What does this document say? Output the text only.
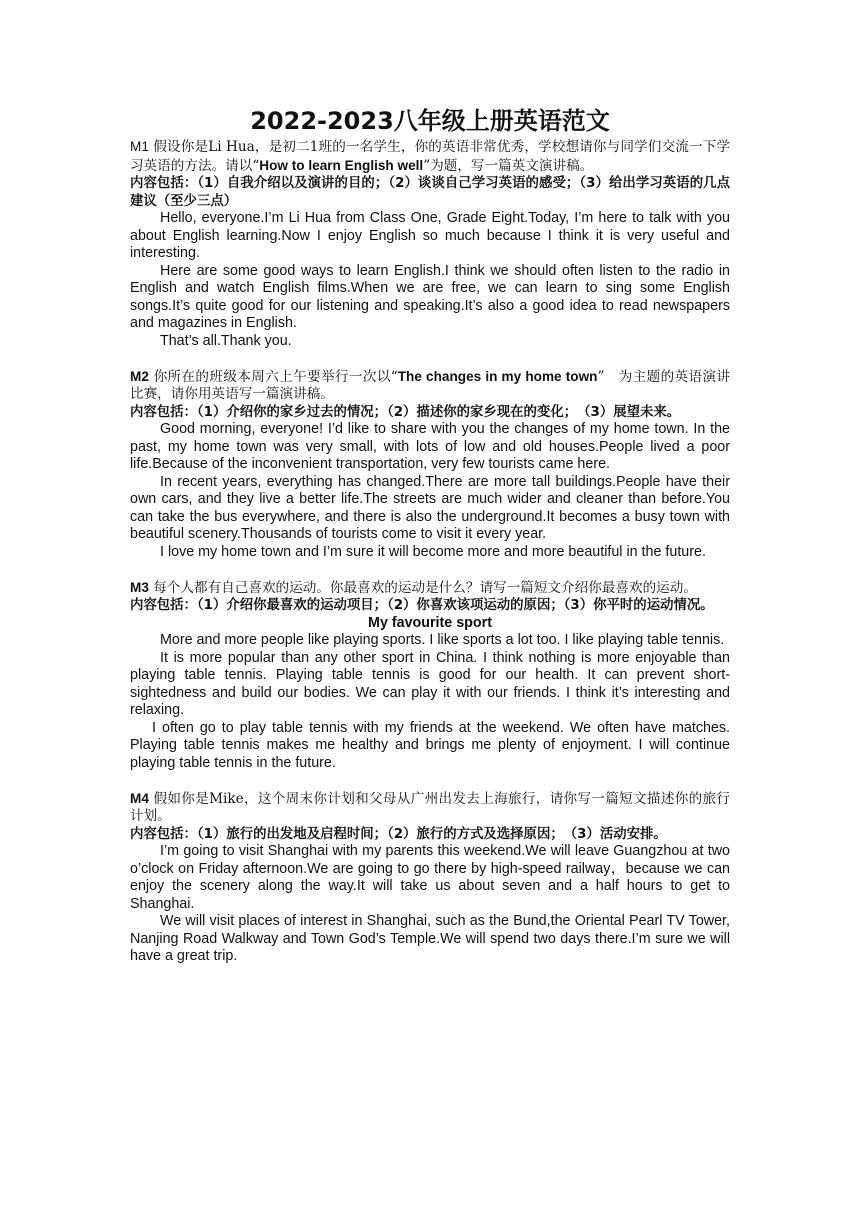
2022-2023八年级上册英语范文

M1 假设你是Li Hua，是初二1班的一名学生，你的英语非常优秀，学校想请你与同学们交流一下学习英语的方法。请以“How to learn English well”为题，写一篇英文演讲稿。

内容包括：（1）自我介绍以及演讲的目的；（2）谈谈自己学习英语的感受；（3）给出学习英语的几点建议（至少三点）

Hello, everyone.I’m Li Hua from Class One, Grade Eight.Today, I’m here to talk with you about English learning.Now I enjoy English so much because I think it is very useful and interesting.

Here are some good ways to learn English.I think we should often listen to the radio in English and watch English films.When we are free, we can learn to sing some English songs.It’s quite good for our listening and speaking.It’s also a good idea to read newspapers and magazines in English.

That’s all.Thank you.

M2 你所在的班级本周六上午要举行一次以“The changes in my home town”　为主题的英语演讲比赛，请你用英语写一篇演讲稿。

内容包括：（1）介绍你的家乡过去的情况；（2）描述你的家乡现在的变化；　（3）展望未来。

Good morning, everyone! I’d like to share with you the changes of my home town. In the past, my home town was very small, with lots of low and old houses.People lived a poor life.Because of the inconvenient transportation, very few tourists came here.

In recent years, everything has changed.There are more tall buildings.People have their own cars, and they live a better life.The streets are much wider and cleaner than before.You can take the bus everywhere, and there is also the underground.It becomes a busy town with beautiful scenery.Thousands of tourists come to visit it every year.

I love my home town and I’m sure it will become more and more beautiful in the future.

M3 每个人都有自己喜欢的运动。你最喜欢的运动是什么？请写一篇短文介绍你最喜欢的运动。

内容包括：（1）介绍你最喜欢的运动项目；（2）你喜欢该项运动的原因；（3）你平时的运动情况。

My favourite sport

More and more people like playing sports. I like sports a lot too. I like playing table tennis.

It is more popular than any other sport in China. I think nothing is more enjoyable than playing table tennis. Playing table tennis is good for our health. It can prevent short-sightedness and build our bodies. We can play it with our friends. I think it’s interesting and relaxing.

I often go to play table tennis with my friends at the weekend. We often have matches. Playing table tennis makes me healthy and brings me plenty of enjoyment. I will continue playing table tennis in the future.

M4 假如你是Mike，这个周末你计划和父母从广州出发去上海旅行，请你写一篇短文描述你的旅行计划。

内容包括：（1）旅行的出发地及启程时间；（2）旅行的方式及选择原因；　（3）活动安排。

I’m going to visit Shanghai with my parents this weekend.We will leave Guangzhou at two o’clock on Friday afternoon.We are going to go there by high-speed railway，because we can enjoy the scenery along the way.It will take us about seven and a half hours to get to Shanghai.

We will visit places of interest in Shanghai, such as the Bund,the Oriental Pearl TV Tower, Nanjing Road Walkway and Town God’s Temple.We will spend two days there.I’m sure we will have a great trip.
